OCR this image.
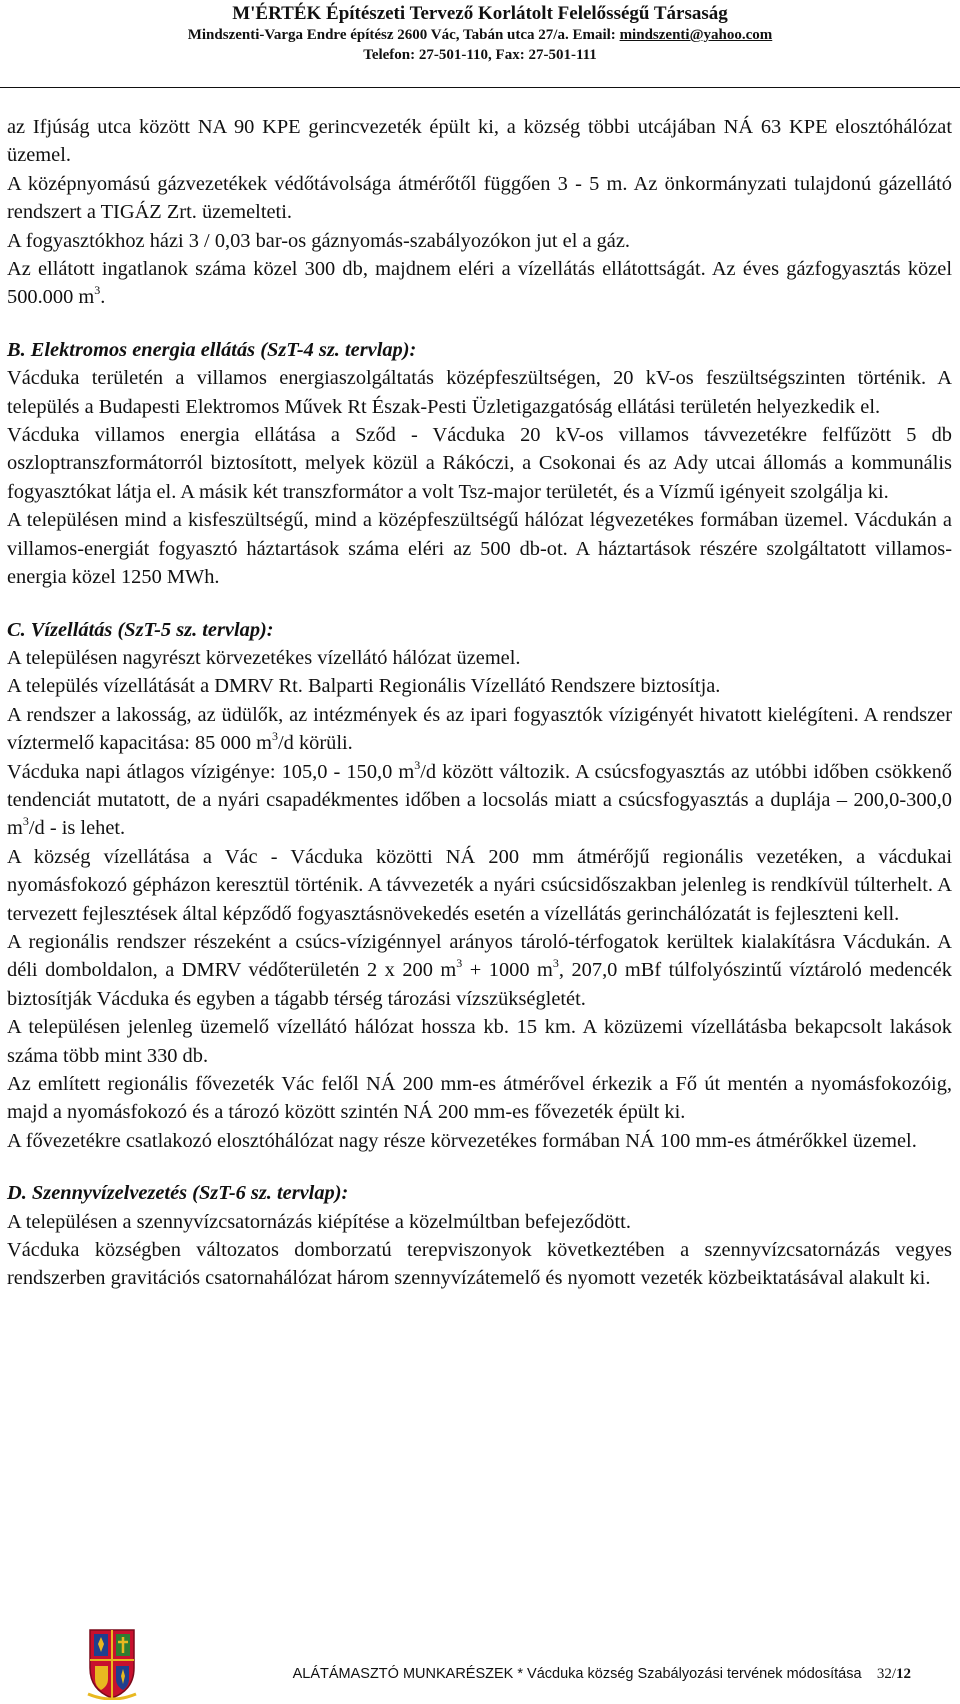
M'ÉRTÉK Építészeti Tervező Korlátolt Felelősségű Társaság
Mindszenti-Varga Endre építész 2600 Vác, Tabán utca 27/a. Email: mindszenti@yahoo.com
Telefon: 27-501-110, Fax: 27-501-111

az Ifjúság utca között NA 90 KPE gerincvezeték épült ki, a község többi utcájában NÁ 63 KPE elosztóhálózat üzemel.

A középnyomású gázvezetékek védőtávolsága átmérőtől függően 3 - 5 m. Az önkormányzati tulajdonú gázellátó rendszert a TIGÁZ Zrt. üzemelteti.

A fogyasztókhoz házi 3 / 0,03 bar-os gáznyomás-szabályozókon jut el a gáz.

Az ellátott ingatlanok száma közel 300 db, majdnem eléri a vízellátás ellátottságát. Az éves gázfogyasztás közel 500.000 $m^3$.

B. Elektromos energia ellátás (SzT-4 sz. tervlap):

Vácduka területén a villamos energiaszolgáltatás középfeszültségen, 20 kV-os feszültségszinten történik. A település a Budapesti Elektromos Művek Rt Észak-Pesti Üzletigazgatóság ellátási területén helyezkedik el.

Vácduka villamos energia ellátása a Sződ - Vácduka 20 kV-os villamos távvezetékre felfűzött 5 db oszloptranszformátorról biztosított, melyek közül a Rákóczi, a Csokonai és az Ady utcai állomás a kommunális fogyasztókat látja el. A másik két transzformátor a volt Tsz-major területét, és a Vízmű igényeit szolgálja ki.

A településen mind a kisfeszültségű, mind a középfeszültségű hálózat légvezetékes formában üzemel. Vácdukán a villamos-energiát fogyasztó háztartások száma eléri az 500 db-ot. A háztartások részére szolgáltatott villamos-energia közel 1250 MWh.

C. Vízellátás (SzT-5 sz. tervlap):

A településen nagyrészt körvezetékes vízellátó hálózat üzemel.

A település vízellátását a DMRV Rt. Balparti Regionális Vízellátó Rendszere biztosítja.

A rendszer a lakosság, az üdülők, az intézmények és az ipari fogyasztók vízigényét hivatott kielégíteni. A rendszer víztermelő kapacitása: 85 000 $m^3/d$ körüli.

Vácduka napi átlagos vízigénye: 105,0 - 150,0 $m^3/d$ között változik. A csúcsfogyasztás az utóbbi időben csökkenő tendenciát mutatott, de a nyári csapadékmentes időben a locsolás miatt a csúcsfogyasztás a duplája – 200,0-300,0 $m^3/d$ - is lehet.

A község vízellátása a Vác - Vácduka közötti NÁ 200 mm átmérőjű regionális vezetéken, a vácdukai nyomásfokozó gépházon keresztül történik. A távvezeték a nyári csúcsidőszakban jelenleg is rendkívül túlterhelt. A tervezett fejlesztések által képződő fogyasztásnövekedés esetén a vízellátás gerinchálózatát is fejleszteni kell.

A regionális rendszer részeként a csúcs-vízigénnyel arányos tároló-térfogatok kerültek kialakításra Vácdukán. A déli domboldalon, a DMRV védőterületén 2 x 200 $m^3 + 1000$ $m^3$, 207,0 mBf túlfolyószintű víztároló medencék biztosítják Vácduka és egyben a tágabb térség tározási vízszükségletét.

A településen jelenleg üzemelő vízellátó hálózat hossza kb. 15 km. A közüzemi vízellátásba bekapcsolt lakások száma több mint 330 db.

Az említett regionális fővezeték Vác felől NÁ 200 mm-es átmérővel érkezik a Fő út mentén a nyomásfokozóig, majd a nyomásfokozó és a tározó között szintén NÁ 200 mm-es fővezeték épült ki.

A fővezetékre csatlakozó elosztóhálózat nagy része körvezetékes formában NÁ 100 mm-es átmérőkkel üzemel.

D. Szennyvízelvezetés (SzT-6 sz. tervlap):

A településen a szennyvízcsatornázás kiépítése a közelmúltban befejeződött.

Vácduka községben változatos domborzatú terepviszonyok következtében a szennyvízcsatornázás vegyes rendszerben gravitációs csatornahálózat három szennyvízátemelő és nyomott vezeték közbeiktatásával alakult ki.

ALÁTÁMASZTÓ MUNKARÉSZEK * Vácduka község Szabályozási tervének módosítása 32/12
